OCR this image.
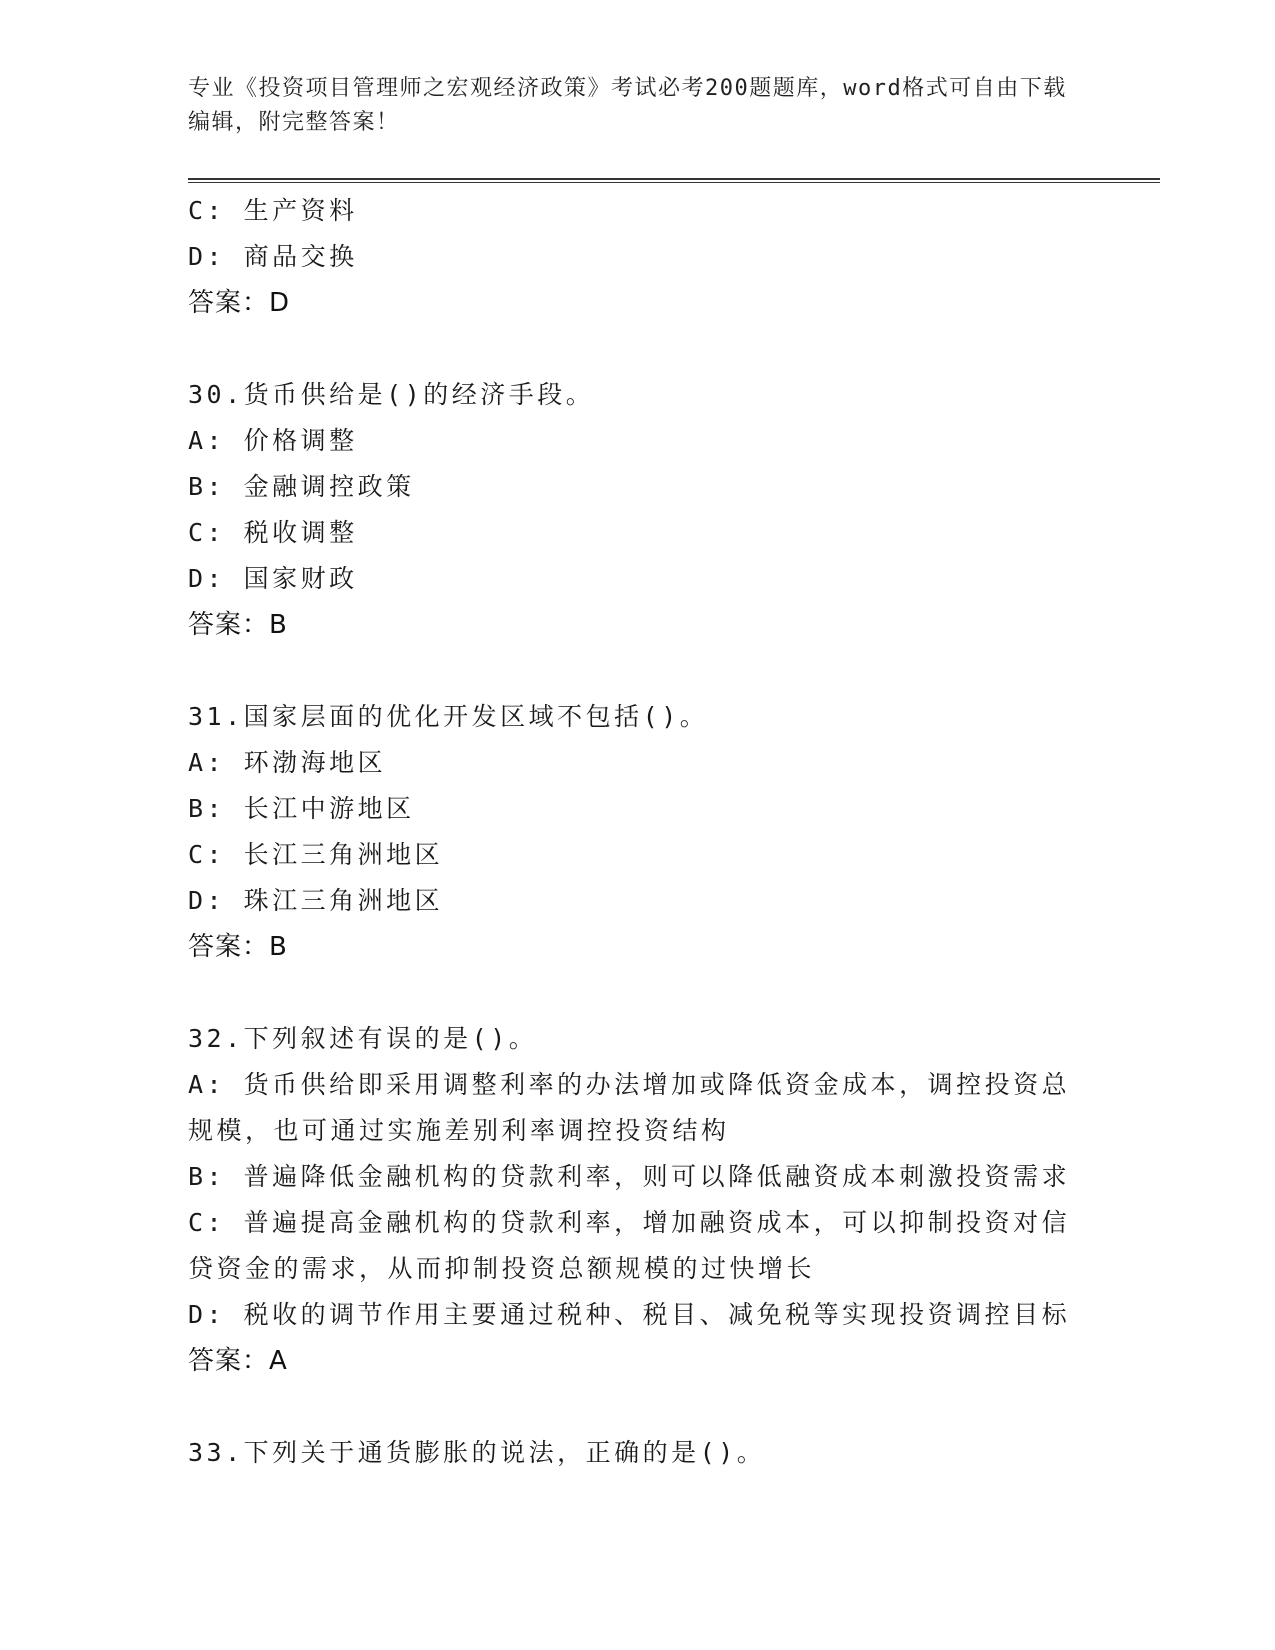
专业《投资项目管理师之宏观经济政策》考试必考200题题库，word格式可自由下载编辑，附完整答案！

C: 生产资料

D: 商品交换

答案：D

30.货币供给是()的经济手段。

A: 价格调整

B: 金融调控政策

C: 税收调整

D: 国家财政

答案：B

31.国家层面的优化开发区域不包括()。

A: 环渤海地区

B: 长江中游地区

C: 长江三角洲地区

D: 珠江三角洲地区

答案：B

32.下列叙述有误的是()。

A: 货币供给即采用调整利率的办法增加或降低资金成本，调控投资总规模，也可通过实施差别利率调控投资结构

B: 普遍降低金融机构的贷款利率，则可以降低融资成本刺激投资需求

C: 普遍提高金融机构的贷款利率，增加融资成本，可以抑制投资对信贷资金的需求，从而抑制投资总额规模的过快增长

D: 税收的调节作用主要通过税种、税目、减免税等实现投资调控目标

答案：A

33.下列关于通货膨胀的说法，正确的是()。
